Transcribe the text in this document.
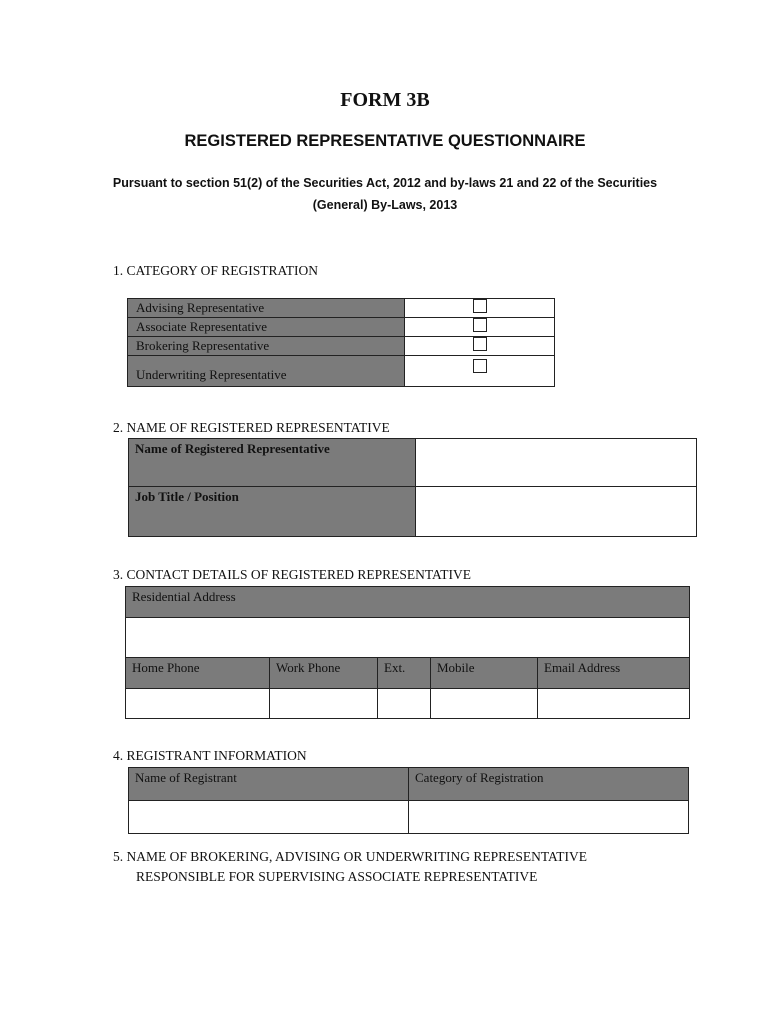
FORM 3B
REGISTERED REPRESENTATIVE QUESTIONNAIRE
Pursuant to section 51(2) of the Securities Act, 2012 and by-laws 21 and 22 of the Securities
(General) By-Laws, 2013
1. CATEGORY OF REGISTRATION
Advising Representative	
Associate Representative	
Brokering Representative	
Underwriting Representative	
2. NAME OF REGISTERED REPRESENTATIVE
Name of Registered Representative	
Job Title / Position	
3. CONTACT DETAILS OF REGISTERED REPRESENTATIVE
Residential Address				

Home Phone	Work Phone	Ext.	Mobile	Email Address

4. REGISTRANT INFORMATION
Name of Registrant	Category of Registration

5. NAME OF BROKERING, ADVISING OR UNDERWRITING REPRESENTATIVE
RESPONSIBLE FOR SUPERVISING ASSOCIATE REPRESENTATIVE
